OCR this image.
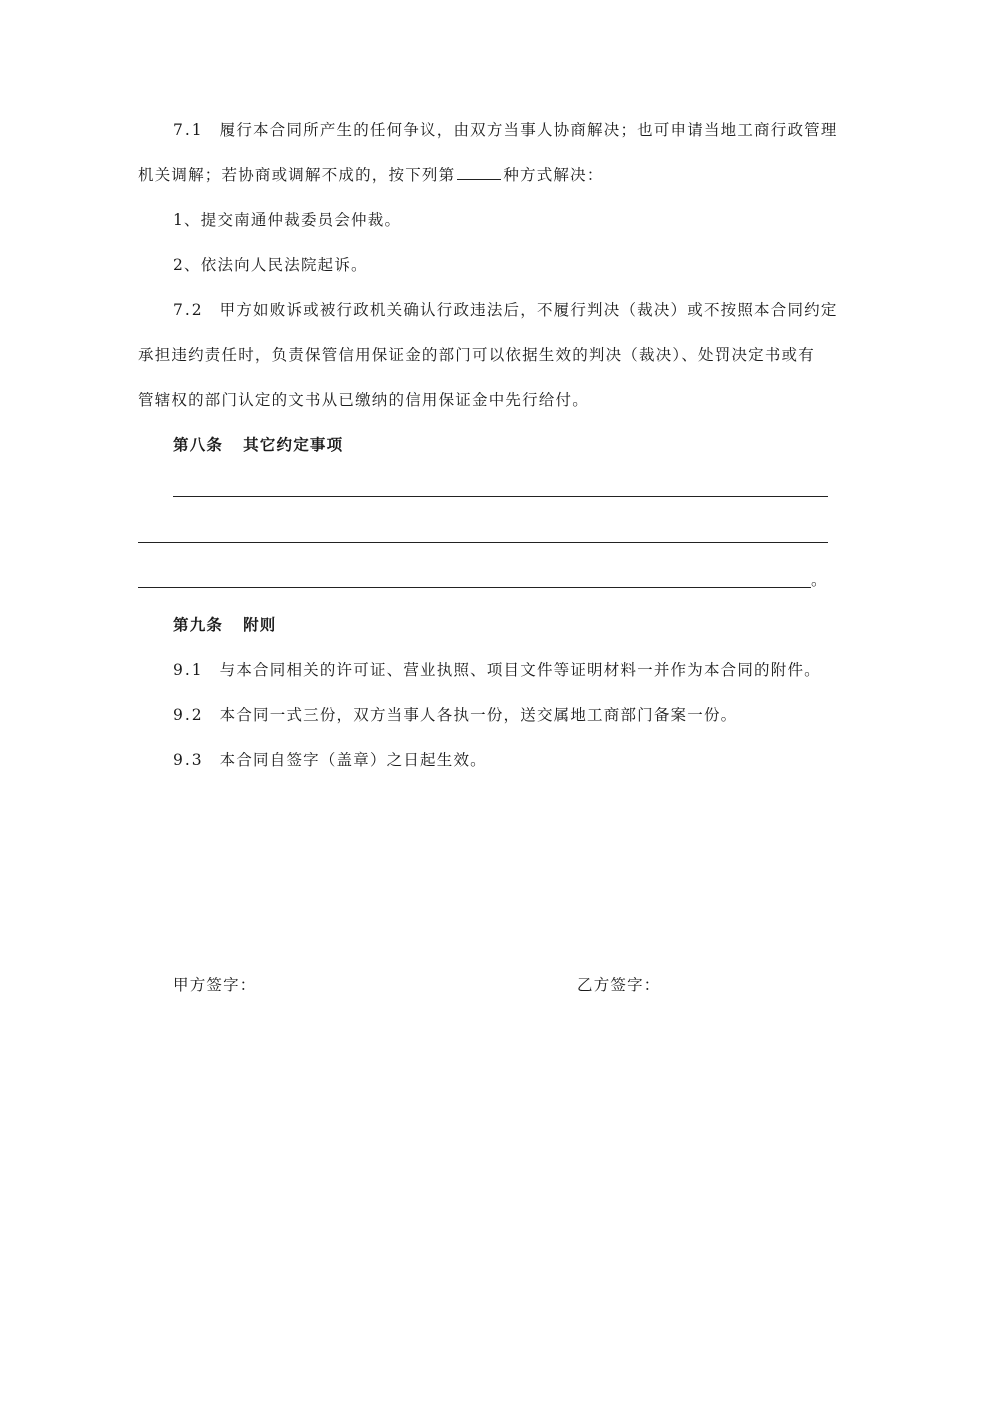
7.1 履行本合同所产生的任何争议，由双方当事人协商解决；也可申请当地工商行政管理
机关调解；若协商或调解不成的，按下列第	种方式解决：
1、提交南通仲裁委员会仲裁。
2、依法向人民法院起诉。
7.2 甲方如败诉或被行政机关确认行政违法后，不履行判决（裁决）或不按照本合同约定
承担违约责任时，负责保管信用保证金的部门可以依据生效的判决（裁决）、处罚决定书或有
管辖权的部门认定的文书从已缴纳的信用保证金中先行给付。
第八条 其它约定事项
。
第九条 附则
9.1 与本合同相关的许可证、营业执照、项目文件等证明材料一并作为本合同的附件。
9.2 本合同一式三份，双方当事人各执一份，送交属地工商部门备案一份。
9.3 本合同自签字（盖章）之日起生效。
甲方签字：	乙方签字：
